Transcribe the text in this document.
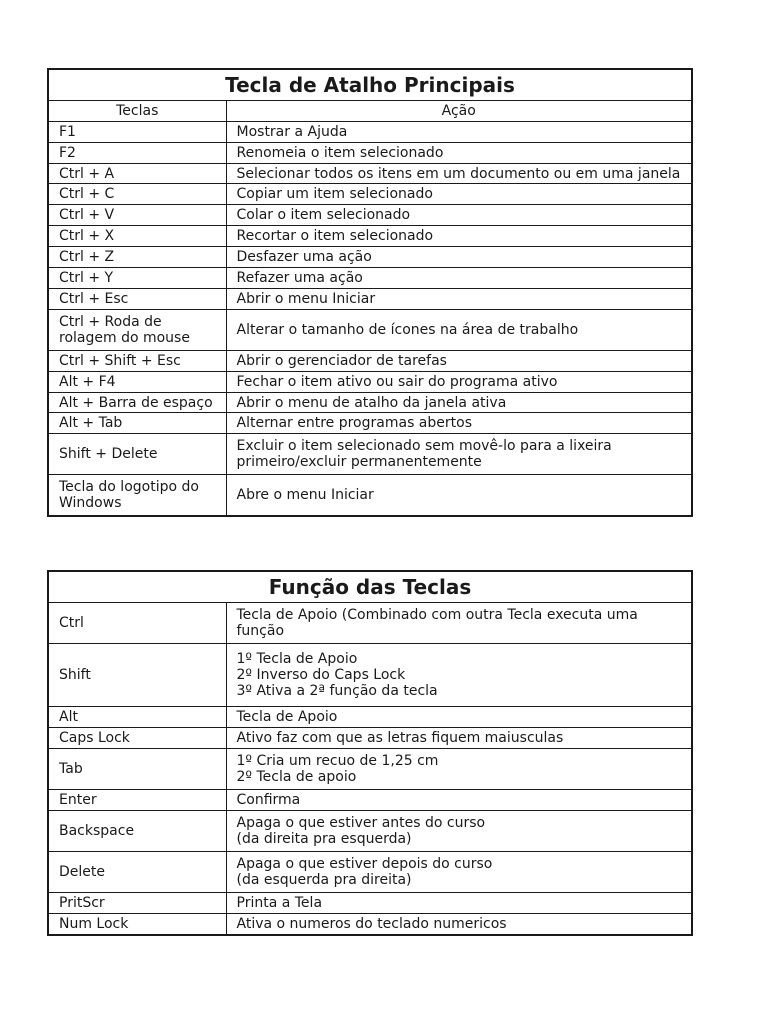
Tecla de Atalho Principais	
Teclas	Ação
F1	Mostrar a Ajuda
F2	Renomeia o item selecionado
Ctrl + A	Selecionar todos os itens em um documento ou em uma janela
Ctrl + C	Copiar um item selecionado
Ctrl + V	Colar o item selecionado
Ctrl + X	Recortar o item selecionado
Ctrl + Z	Desfazer uma ação
Ctrl + Y	Refazer uma ação
Ctrl + Esc	Abrir o menu Iniciar
Ctrl + Roda de rolagem do mouse	Alterar o tamanho de ícones na área de trabalho
Ctrl + Shift + Esc	Abrir o gerenciador de tarefas
Alt + F4	Fechar o item ativo ou sair do programa ativo
Alt + Barra de espaço	Abrir o menu de atalho da janela ativa
Alt + Tab	Alternar entre programas abertos
Shift + Delete	Excluir o item selecionado sem movê-lo para a lixeira primeiro/excluir permanentemente
Tecla do logotipo do Windows	Abre o menu Iniciar
Função das Teclas	
Ctrl	Tecla de Apoio (Combinado com outra Tecla executa uma função
Shift	1º Tecla de Apoio
2º Inverso do Caps Lock
3º Ativa a 2ª função da tecla
Alt	Tecla de Apoio
Caps Lock	Ativo faz com que as letras fiquem maiusculas
Tab	1º Cria um recuo de 1,25 cm
2º Tecla de apoio
Enter	Confirma
Backspace	Apaga o que estiver antes do curso
(da direita pra esquerda)
Delete	Apaga o que estiver depois do curso
(da esquerda pra direita)
PritScr	Printa a Tela
Num Lock	Ativa o numeros do teclado numericos
